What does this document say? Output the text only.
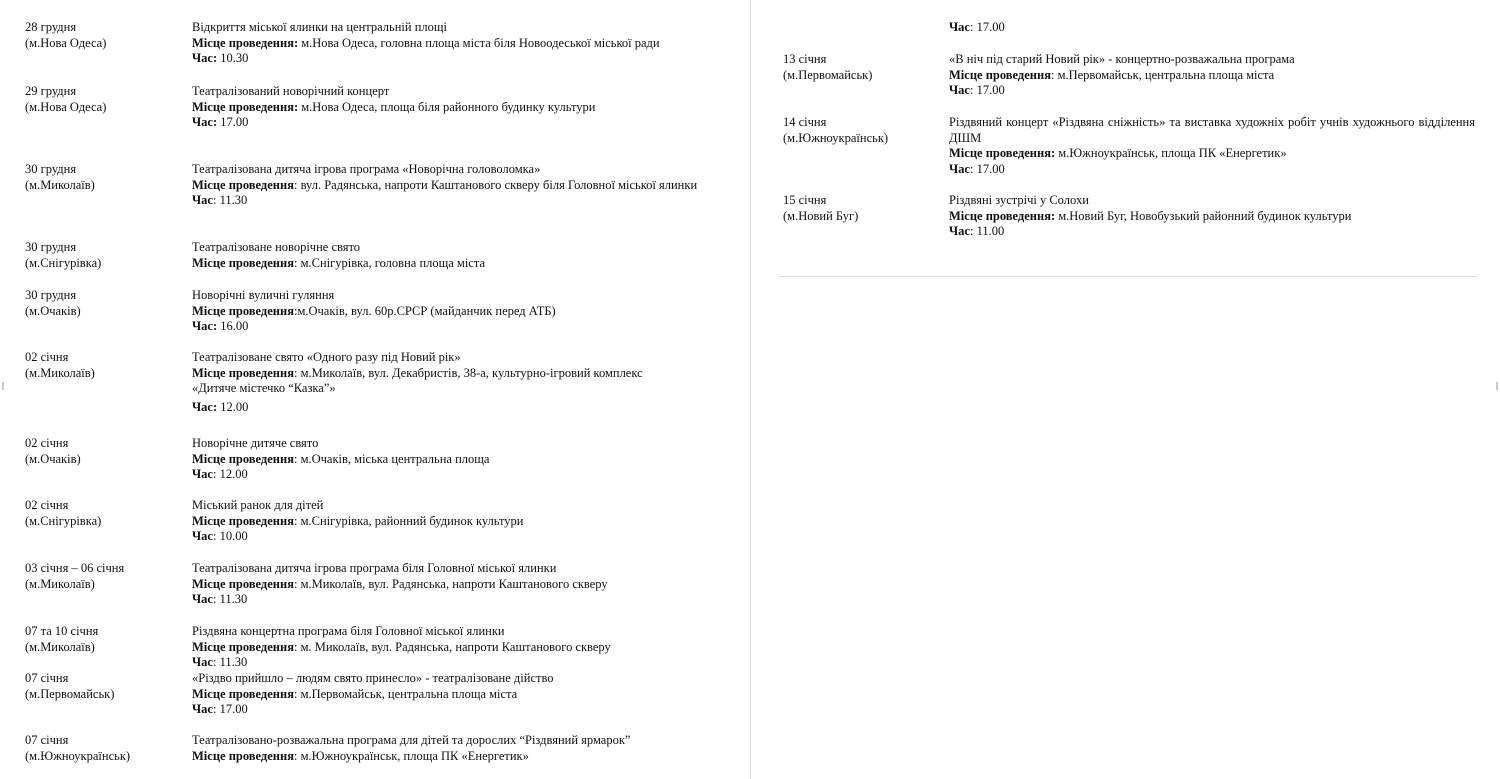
28 грудня
(м.Нова Одеса)
Відкриття міської ялинки на центральній площі
Місце проведення: м.Нова Одеса, головна площа міста біля Новоодеської міської ради
Час: 10.30
29 грудня
(м.Нова Одеса)
Театралізований новорічний концерт
Місце проведення: м.Нова Одеса, площа біля районного будинку культури
Час: 17.00
30 грудня
(м.Миколаїв)
Театралізована дитяча ігрова програма «Новорічна головоломка»
Місце проведення: вул. Радянська, напроти Каштанового скверу біля Головної міської ялинки
Час: 11.30
30 грудня
(м.Снігурівка)
Театралізоване новорічне свято
Місце проведення: м.Снігурівка, головна площа міста
30 грудня
(м.Очаків)
Новорічні вуличні гуляння
Місце проведення:м.Очаків, вул. 60р.СРСР (майданчик перед АТБ)
Час: 16.00
02 січня
(м.Миколаїв)
Театралізоване свято «Одного разу під Новий рік»
Місце проведення: м.Миколаїв, вул. Декабристів, 38-а, культурно-ігровий комплекс
«Дитяче містечко “Казка”»
Час: 12.00
02 січня
(м.Очаків)
Новорічне дитяче свято
Місце проведення: м.Очаків, міська центральна площа
Час: 12.00
02 січня
(м.Снігурівка)
Міський ранок для дітей
Місце проведення: м.Снігурівка, районний будинок культури
Час: 10.00
03 січня – 06 січня
(м.Миколаїв)
Театралізована дитяча ігрова програма біля Головної міської ялинки
Місце проведення: м.Миколаїв, вул. Радянська, напроти Каштанового скверу
Час: 11.30
07 та 10 січня
(м.Миколаїв)
Різдвяна концертна програма біля Головної міської ялинки
Місце проведення: м. Миколаїв, вул. Радянська, напроти Каштанового скверу
Час: 11.30
07 січня
(м.Первомайськ)
«Різдво прийшло – людям свято принесло» - театралізоване дійство
Місце проведення: м.Первомайськ, центральна площа міста
Час: 17.00
07 січня
(м.Южноукраїнськ)
Театралізовано-розважальна програма для дітей та дорослих “Різдвяний ярмарок”
Місце проведення: м.Южноукраїнськ, площа ПК «Енергетик»
Час: 17.00
13 січня
(м.Первомайськ)
«В ніч під старий Новий рік» - концертно-розважальна програма
Місце проведення: м.Первомайськ, центральна площа міста
Час: 17.00
14 січня
(м.Южноукраїнськ)
Різдвяний концерт «Різдвяна сніжність» та виставка художніх робіт учнів художнього відділення ДШМ
Місце проведення: м.Южноукраїнськ, площа ПК «Енергетик»
Час: 17.00
15 січня
(м.Новий Буг)
Різдвяні зустрічі у Солохи
Місце проведення: м.Новий Буг, Новобузький районний будинок культури
Час: 11.00
